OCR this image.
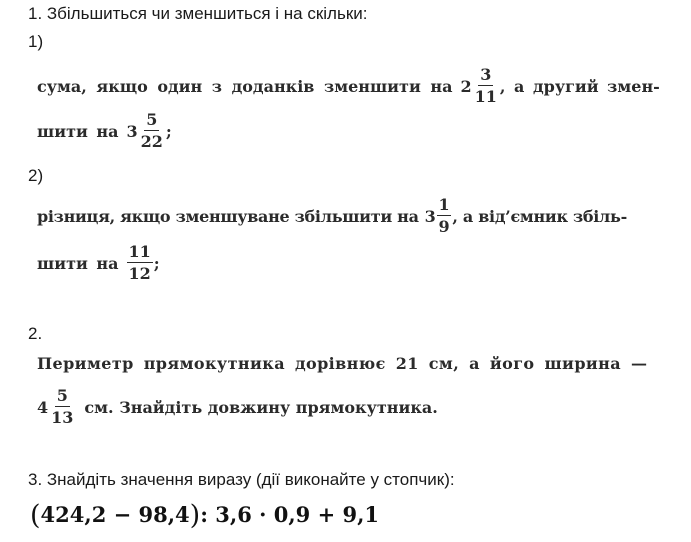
1. Збільшиться чи зменшиться і на скільки:
1)
сума, якщо один з доданків зменшити на $2 \frac{3}{11}$ , а другий змен-
шити на $3 \frac{5}{22}$ ;
2)
різниця, якщо зменшуване збільшити на $3 \frac{1}{9}$ , а від’ємник збіль-
шити на $\frac{11}{12}$ ;
2.
Периметр прямокутника дорівнює 21 см, а його ширина —
$4 \frac{5}{13}$ см. Знайдіть довжину прямокутника.
3. Знайдіть значення виразу (дії виконайте у стопчик):
(424,2 − 98,4): 3,6 · 0,9 + 9,1
